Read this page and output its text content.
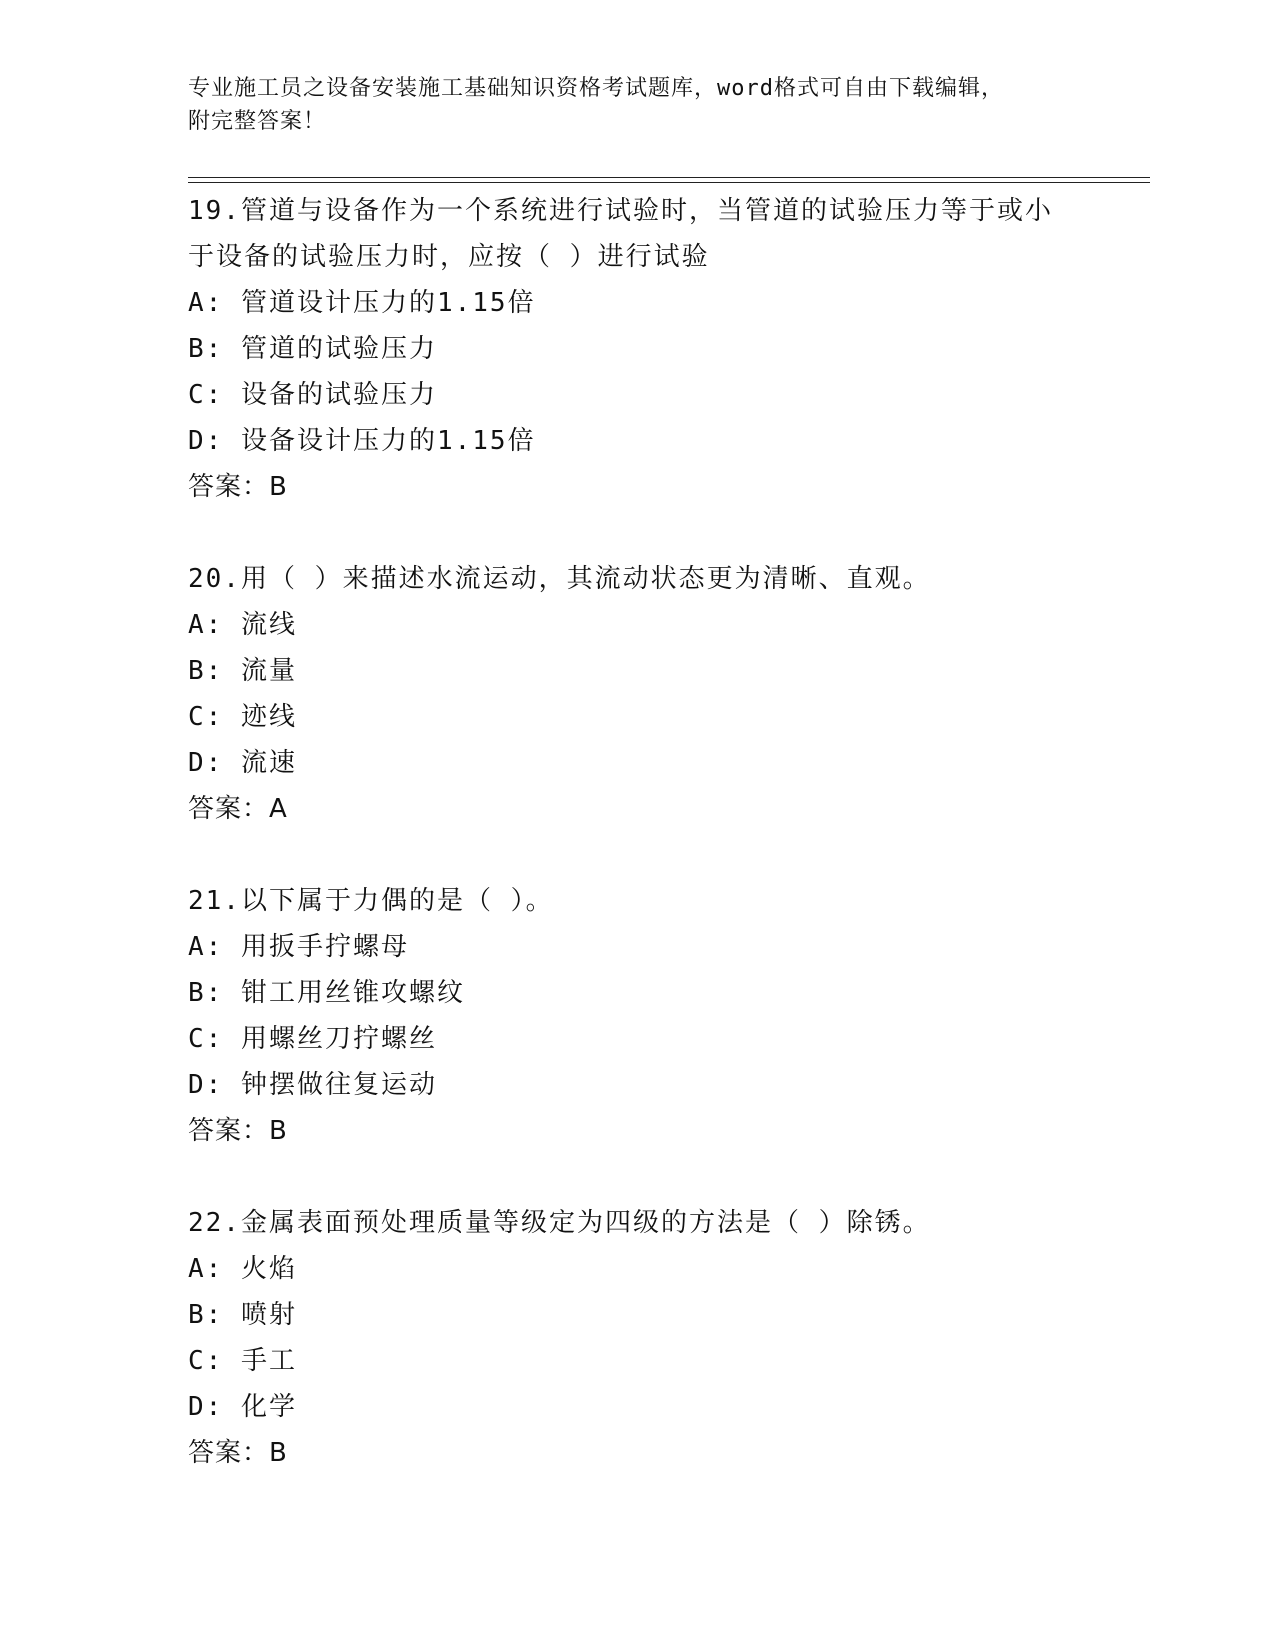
专业施工员之设备安装施工基础知识资格考试题库，word格式可自由下载编辑，
附完整答案！
19.管道与设备作为一个系统进行试验时，当管道的试验压力等于或小
于设备的试验压力时，应按（ ）进行试验
A: 管道设计压力的1.15倍
B: 管道的试验压力
C: 设备的试验压力
D: 设备设计压力的1.15倍
答案：B
20.用（ ）来描述水流运动，其流动状态更为清晰、直观。
A: 流线
B: 流量
C: 迹线
D: 流速
答案：A
21.以下属于力偶的是（ ）。
A: 用扳手拧螺母
B: 钳工用丝锥攻螺纹
C: 用螺丝刀拧螺丝
D: 钟摆做往复运动
答案：B
22.金属表面预处理质量等级定为四级的方法是（ ）除锈。
A: 火焰
B: 喷射
C: 手工
D: 化学
答案：B
